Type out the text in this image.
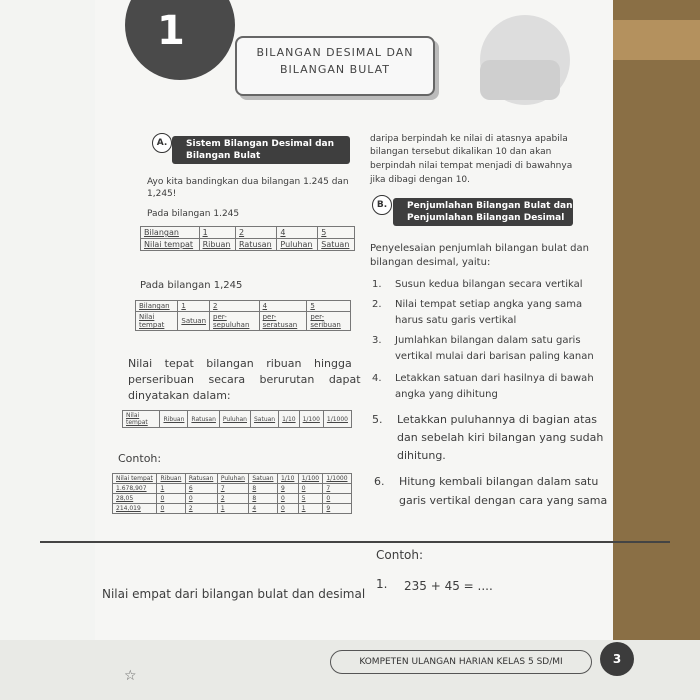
1	BILANGAN DESIMAL DAN
BILANGAN BULAT
A.	Sistem Bilangan Desimal dan
Bilangan Bulat
Ayo kita bandingkan dua bilangan 1.245 dan
1,245!
Pada bilangan 1.245
Bilangan	1	2	4	5
Nilai tempat	Ribuan	Ratusan	Puluhan	Satuan
Pada bilangan 1,245
Bilangan	1	2	4	5
Nilai tempat	Satuan	per- sepuluhan	per- seratusan	per- seribuan
Nilai tepat bilangan ribuan hingga
perseribuan secara berurutan dapat
dinyatakan dalam:
Nilai tempat	Ribuan	Ratusan	Puluhan	Satuan	1/10	1/100	1/1000
Contoh:
Nilai tempat	Ribuan	Ratusan	Puluhan	Satuan	1/10	1/100	1/1000
1.678,907	1	6	7	8	9	0	7
28,05	0	0	2	8	0	5	0
214,019	0	2	1	4	0	1	9
Nilai empat dari bilangan bulat dan desimal
daripa berpindah ke nilai di atasnya apabila
bilangan tersebut dikalikan 10 dan akan
berpindah nilai tempat menjadi di bawahnya
jika dibagi dengan 10.
B.	Penjumlahan Bilangan Bulat dan
Penjumlahan Bilangan Desimal
Penyelesaian penjumlah bilangan bulat dan
bilangan desimal, yaitu:
1. Susun kedua bilangan secara vertikal
2. Nilai tempat setiap angka yang sama
harus satu garis vertikal
3. Jumlahkan bilangan dalam satu garis
vertikal mulai dari barisan paling kanan
4. Letakkan satuan dari hasilnya di bawah
angka yang dihitung
5. Letakkan puluhannya di bagian atas
dan sebelah kiri bilangan yang sudah
dihitung.
6. Hitung kembali bilangan dalam satu
garis vertikal dengan cara yang sama
Contoh:
1. 235 + 45 = ....
KOMPETEN ULANGAN HARIAN KELAS 5 SD/MI	3
☆
